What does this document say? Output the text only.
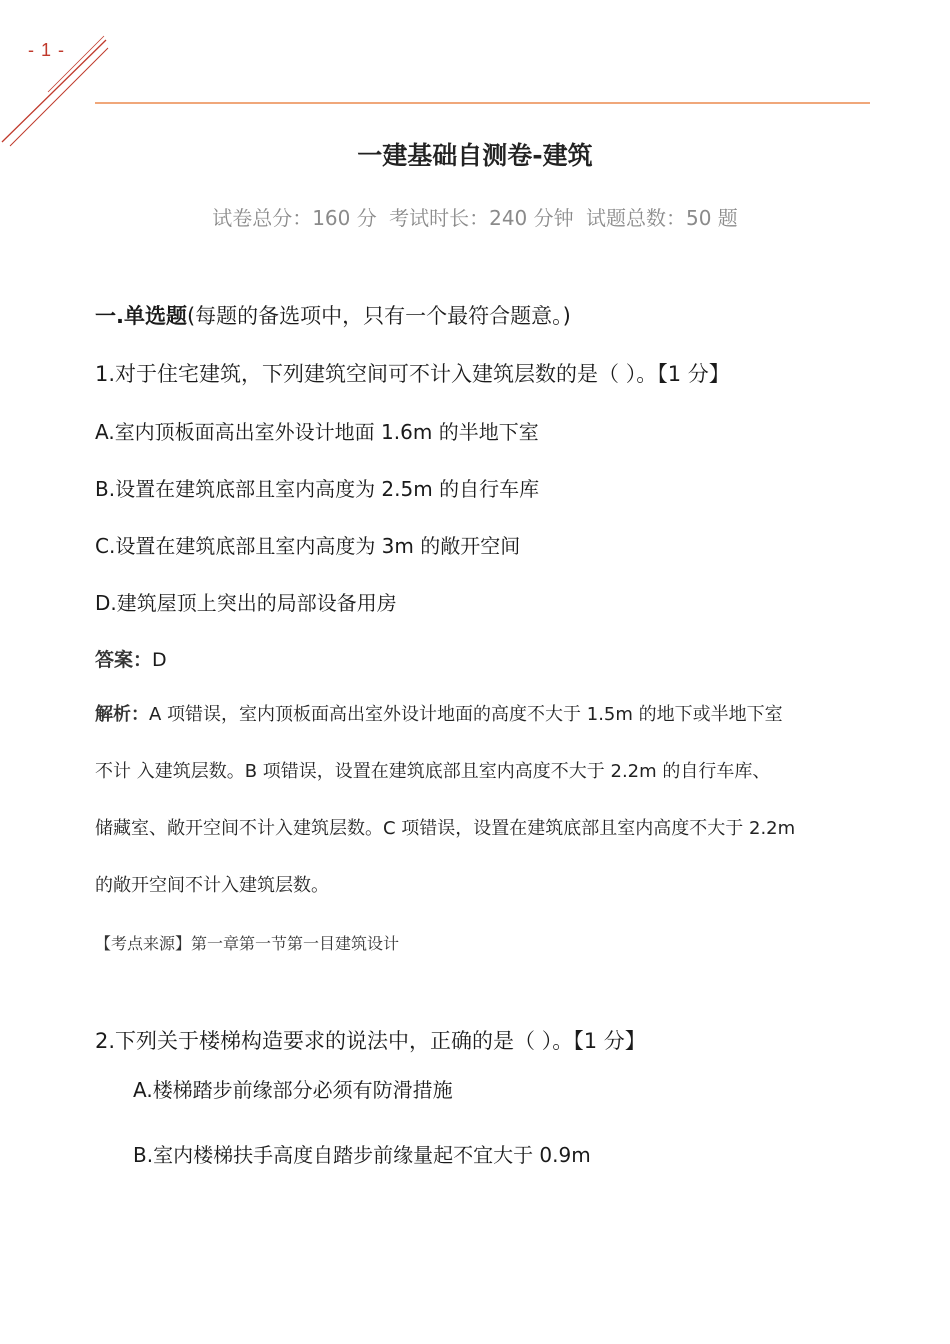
- 1 -
一建基础自测卷-建筑
试卷总分：160 分 考试时长：240 分钟 试题总数：50 题
一.单选题(每题的备选项中，只有一个最符合题意。)
1.对于住宅建筑，下列建筑空间可不计入建筑层数的是（ ）。【1 分】
A.室内顶板面高出室外设计地面 1.6m 的半地下室
B.设置在建筑底部且室内高度为 2.5m 的自行车库
C.设置在建筑底部且室内高度为 3m 的敞开空间
D.建筑屋顶上突出的局部设备用房
答案：D
解析：A 项错误，室内顶板面高出室外设计地面的高度不大于 1.5m 的地下或半地下室
不计 入建筑层数。B 项错误，设置在建筑底部且室内高度不大于 2.2m 的自行车库、
储藏室、敞开空间不计入建筑层数。C 项错误，设置在建筑底部且室内高度不大于 2.2m
的敞开空间不计入建筑层数。
【考点来源】第一章第一节第一目建筑设计
2.下列关于楼梯构造要求的说法中，正确的是（ ）。【1 分】
A.楼梯踏步前缘部分必须有防滑措施
B.室内楼梯扶手高度自踏步前缘量起不宜大于 0.9m
